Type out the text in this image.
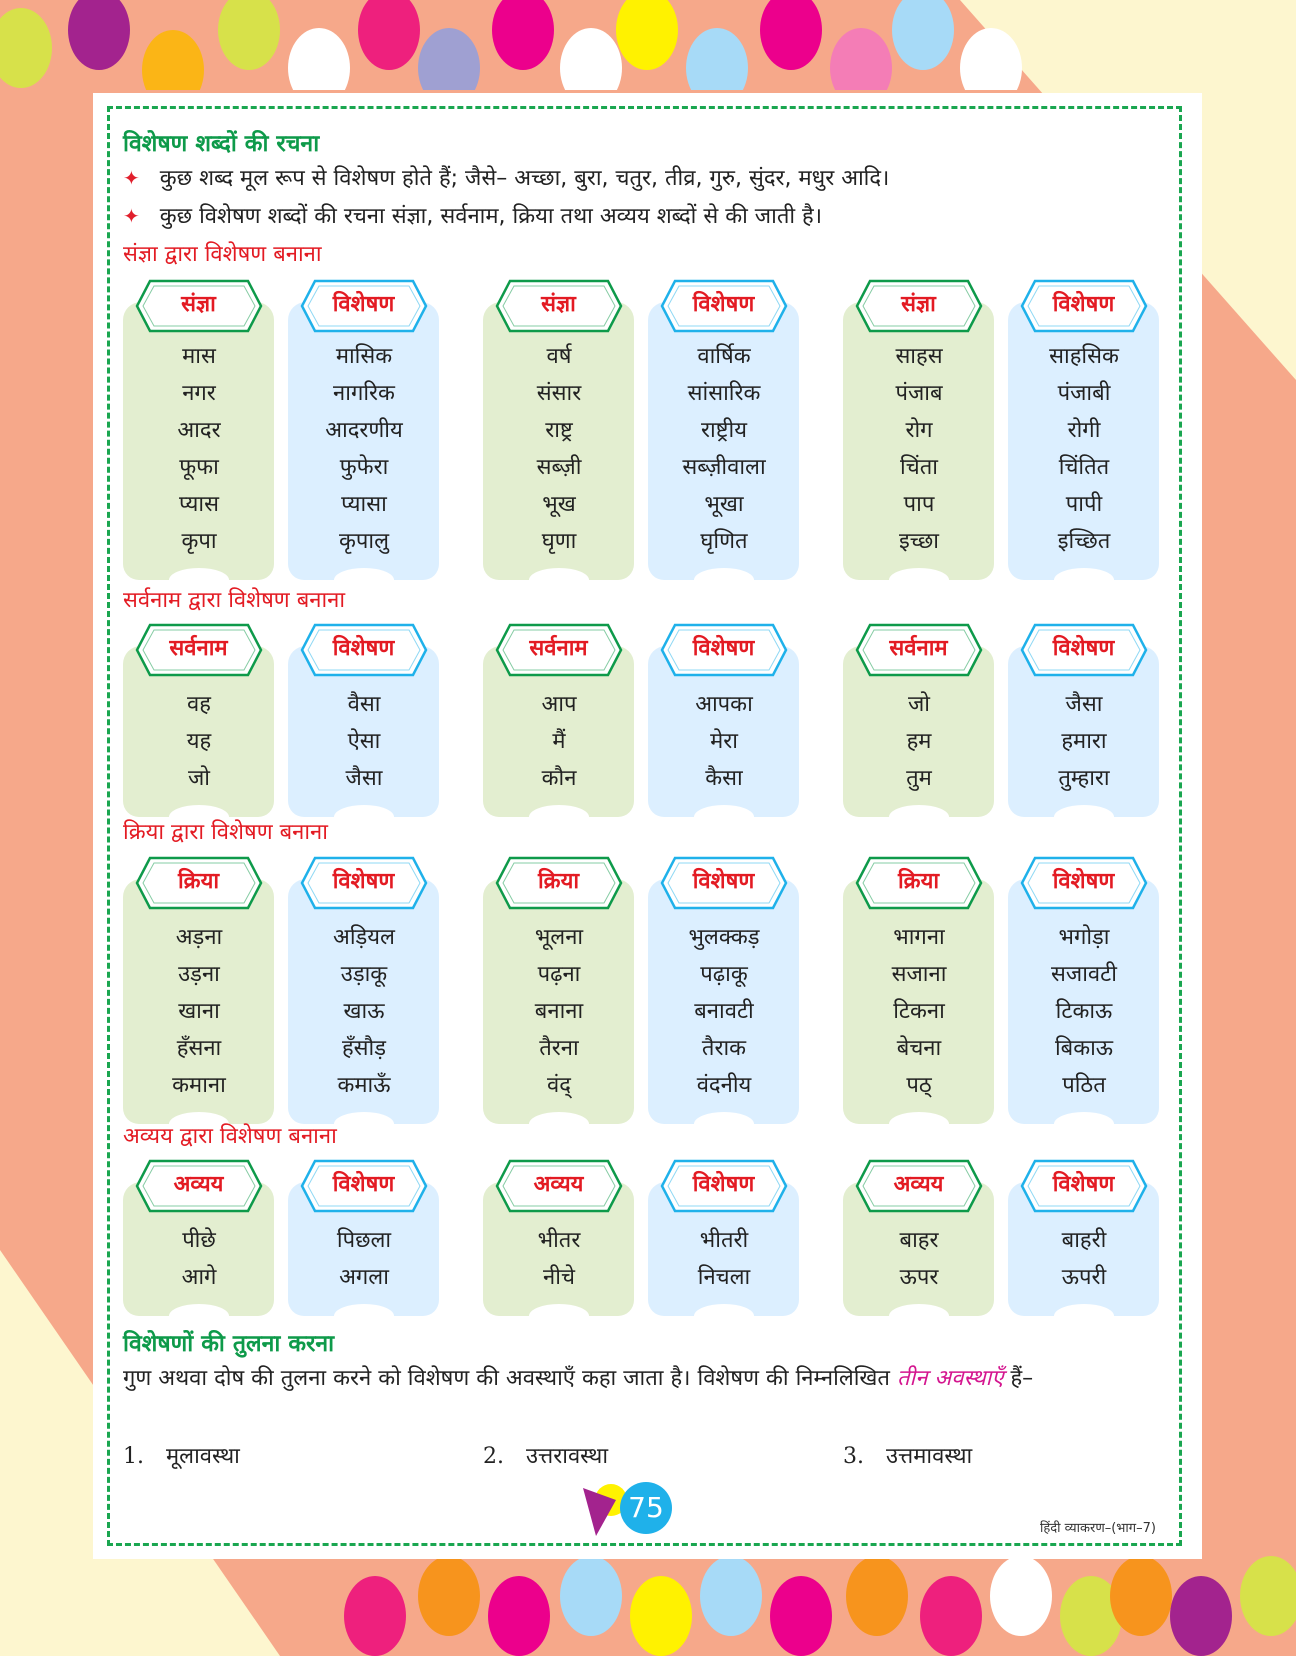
विशेषण शब्दों की रचना
✦ कुछ शब्द मूल रूप से विशेषण होते हैं; जैसे– अच्छा, बुरा, चतुर, तीव्र, गुरु, सुंदर, मधुर आदि।
✦ कुछ विशेषण शब्दों की रचना संज्ञा, सर्वनाम, क्रिया तथा अव्यय शब्दों से की जाती है।
संज्ञा द्वारा विशेषण बनाना
संज्ञा
मास
नगर
आदर
फूफा
प्यास
कृपा
विशेषण
मासिक
नागरिक
आदरणीय
फुफेरा
प्यासा
कृपालु
संज्ञा
वर्ष
संसार
राष्ट्र
सब्ज़ी
भूख
घृणा
विशेषण
वार्षिक
सांसारिक
राष्ट्रीय
सब्ज़ीवाला
भूखा
घृणित
संज्ञा
साहस
पंजाब
रोग
चिंता
पाप
इच्छा
विशेषण
साहसिक
पंजाबी
रोगी
चिंतित
पापी
इच्छित
सर्वनाम द्वारा विशेषण बनाना
सर्वनाम
वह
यह
जो
विशेषण
वैसा
ऐसा
जैसा
सर्वनाम
आप
मैं
कौन
विशेषण
आपका
मेरा
कैसा
सर्वनाम
जो
हम
तुम
विशेषण
जैसा
हमारा
तुम्हारा
क्रिया द्वारा विशेषण बनाना
क्रिया
अड़ना
उड़ना
खाना
हँसना
कमाना
विशेषण
अड़ियल
उड़ाकू
खाऊ
हँसौड़
कमाऊँ
क्रिया
भूलना
पढ़ना
बनाना
तैरना
वंद्
विशेषण
भुलक्कड़
पढ़ाकू
बनावटी
तैराक
वंदनीय
क्रिया
भागना
सजाना
टिकना
बेचना
पठ्
विशेषण
भगोड़ा
सजावटी
टिकाऊ
बिकाऊ
पठित
अव्यय द्वारा विशेषण बनाना
अव्यय
पीछे
आगे
विशेषण
पिछला
अगला
अव्यय
भीतर
नीचे
विशेषण
भीतरी
निचला
अव्यय
बाहर
ऊपर
विशेषण
बाहरी
ऊपरी
विशेषणों की तुलना करना
गुण अथवा दोष की तुलना करने को विशेषण की अवस्थाएँ कहा जाता है। विशेषण की निम्नलिखित तीन अवस्थाएँ हैं–
1. मूलावस्था	2. उत्तरावस्था	3. उत्तमावस्था
75
हिंदी व्याकरण–(भाग–7)
